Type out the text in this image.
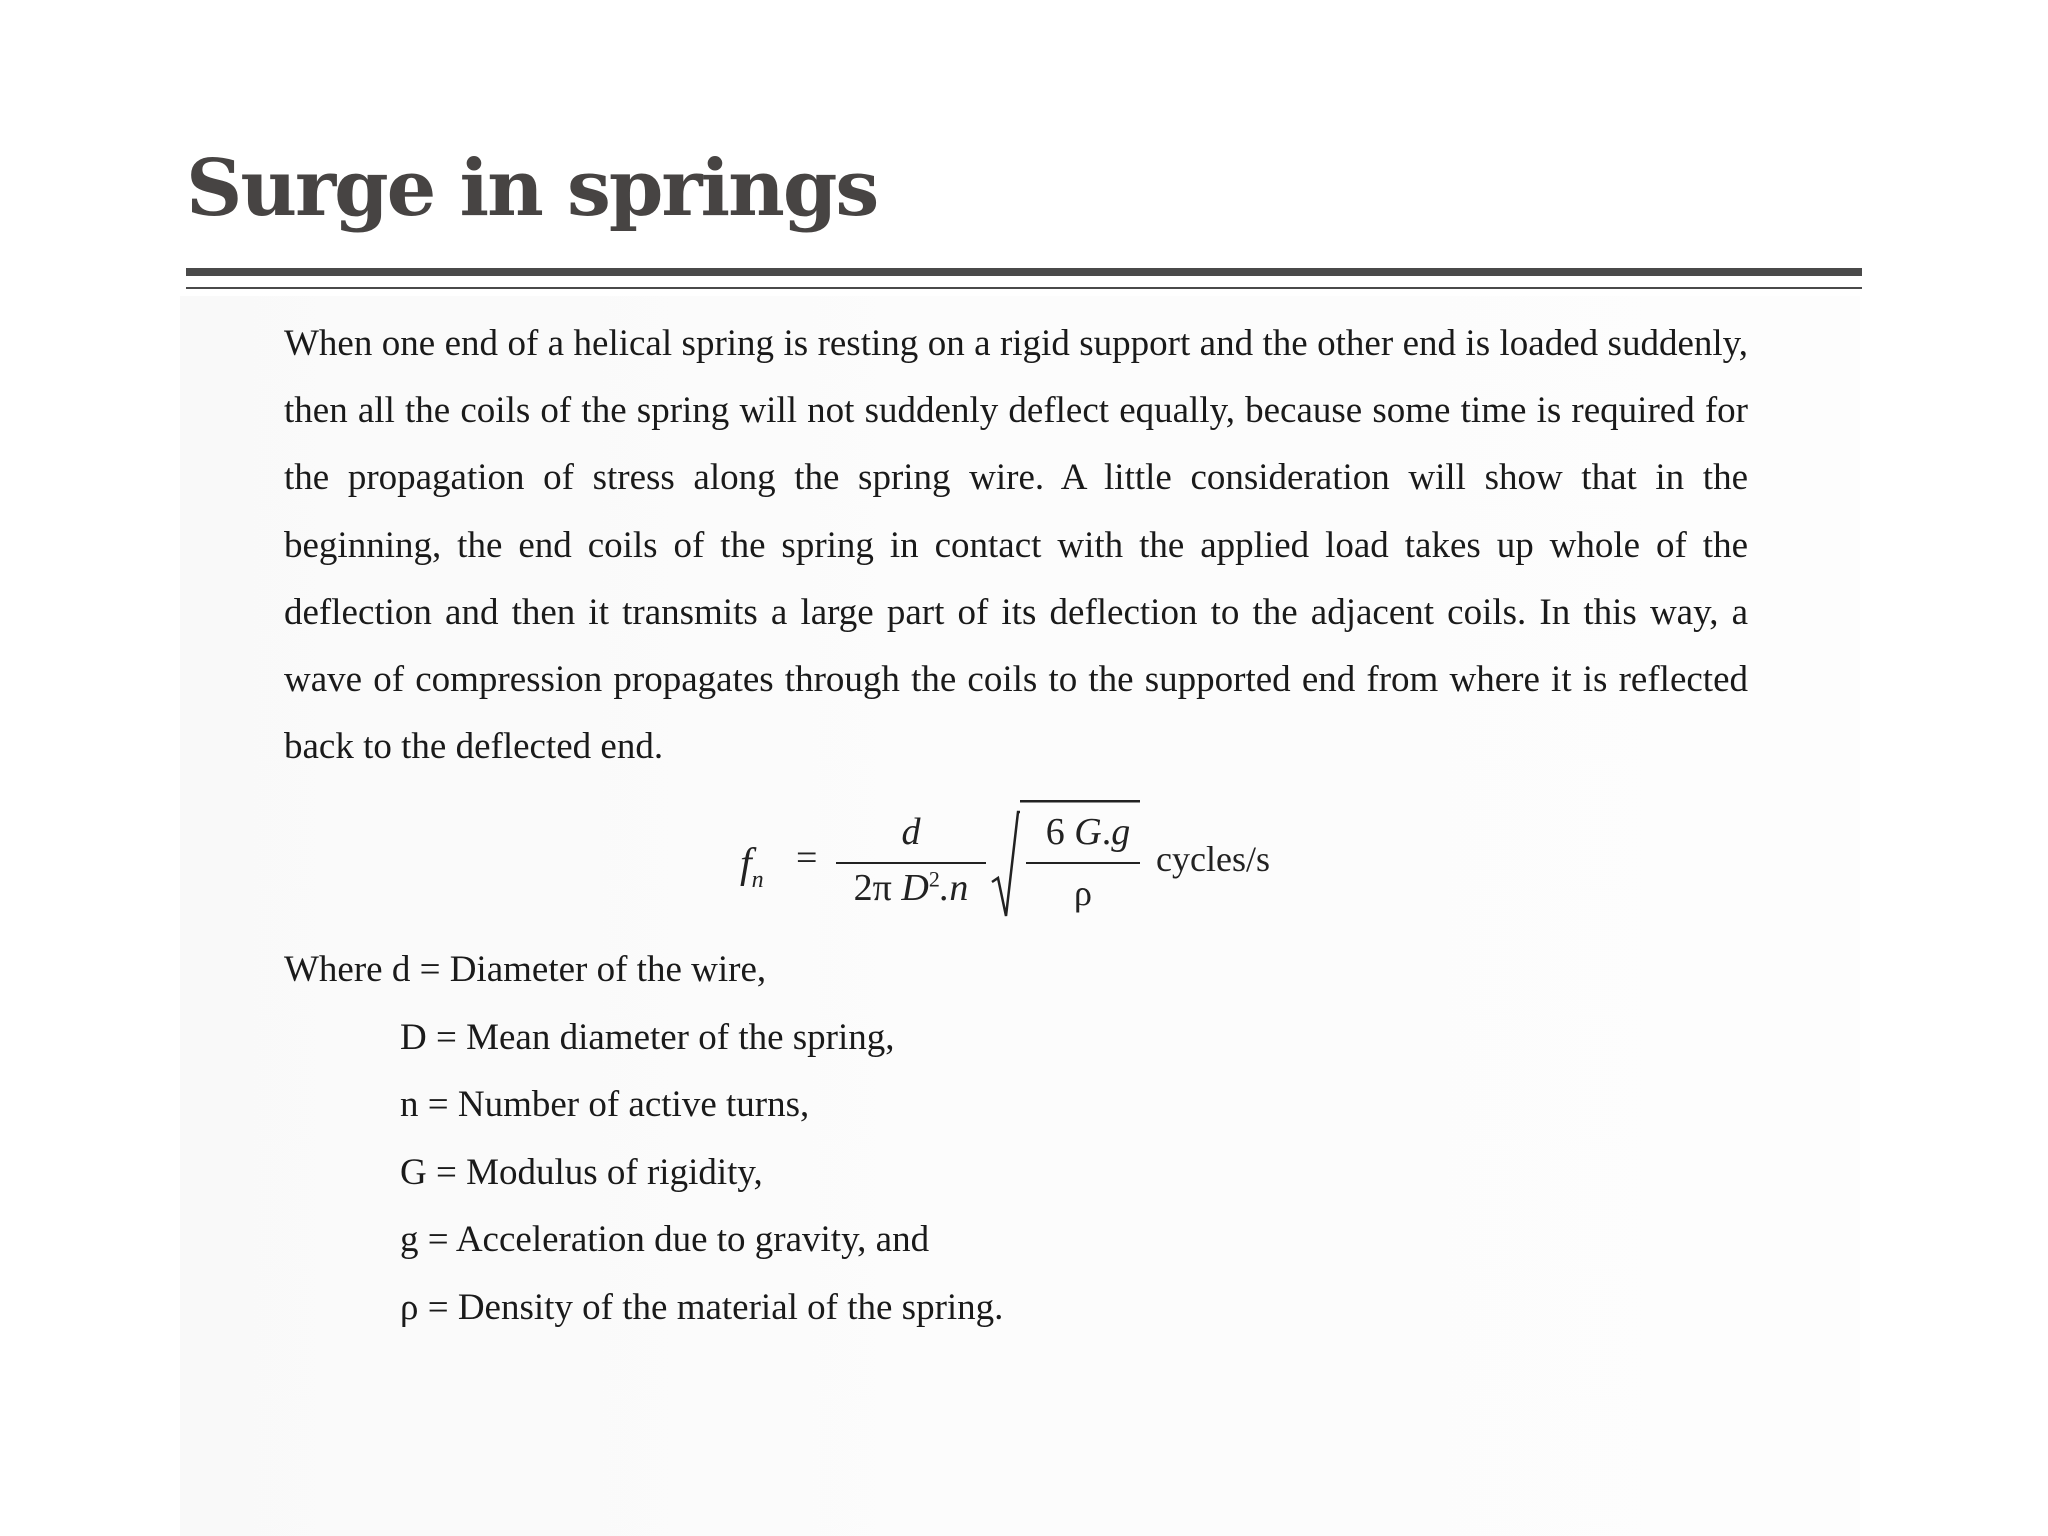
Surge in springs

When one end of a helical spring is resting on a rigid support and the other end is loaded suddenly, then all the coils of the spring will not suddenly deflect equally, because some time is required for the propagation of stress along the spring wire. A little consideration will show that in the beginning, the end coils of the spring in contact with the applied load takes up whole of the deflection and then it transmits a large part of its deflection to the adjacent coils. In this way, a wave of compression propagates through the coils to the supported end from where it is reflected back to the deflected end.

$f_n$
=
d
2π $D^2.n$
6 G.g
ρ
cycles/s
Where d = Diameter of the wire,
D = Mean diameter of the spring,
n = Number of active turns,
G = Modulus of rigidity,
g = Acceleration due to gravity, and
ρ = Density of the material of the spring.
